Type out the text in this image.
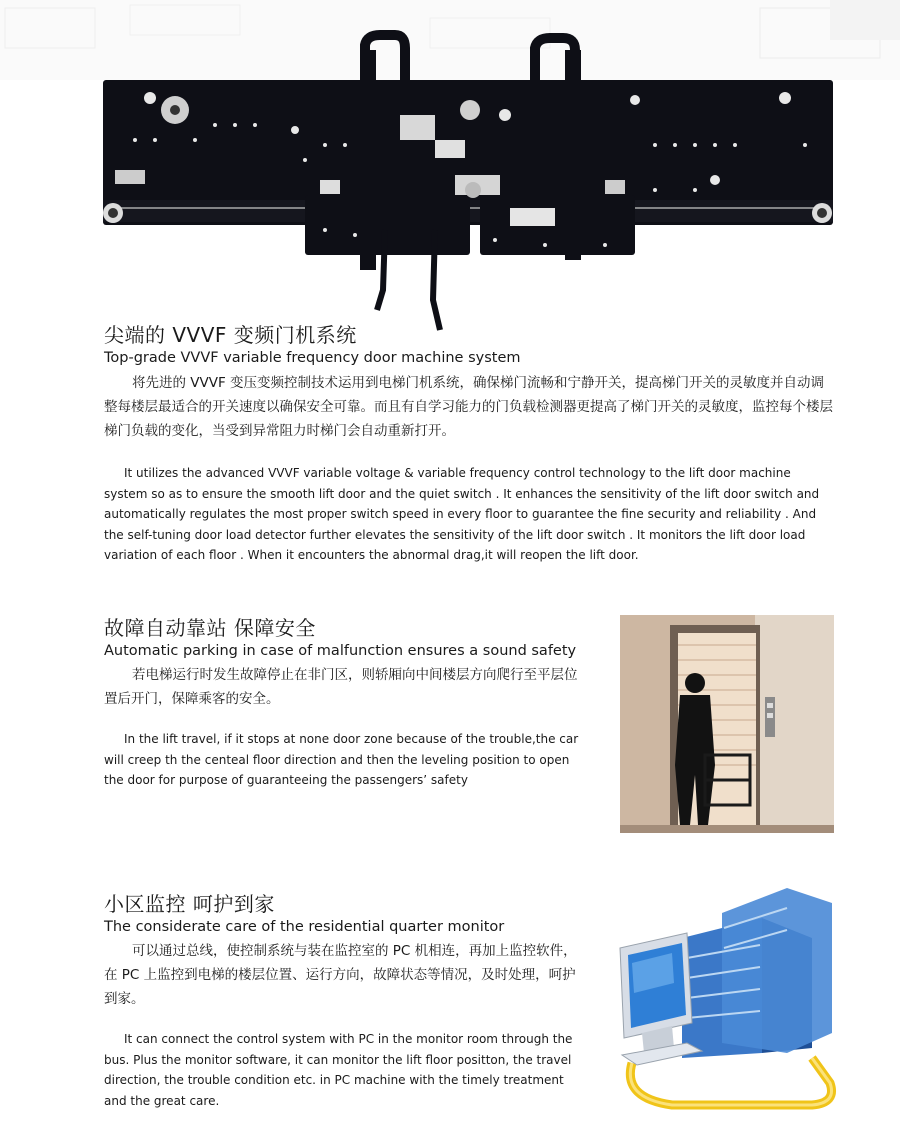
尖端的 VVVF 变频门机系统
Top-grade VVVF variable frequency door machine system
将先进的 VVVF 变压变频控制技术运用到电梯门机系统，确保梯门流畅和宁静开关，提高梯门开关的灵敏度并自动调整每楼层最适合的开关速度以确保安全可靠。而且有自学习能力的门负载检测器更提高了梯门开关的灵敏度，监控每个楼层梯门负载的变化，当受到异常阻力时梯门会自动重新打开。
It utilizes the advanced VVVF variable voltage & variable frequency control technology to the lift door machine system so as to ensure the smooth lift door and the quiet switch . It enhances the sensitivity of the lift door switch and automatically regulates the most proper switch speed in every floor to guarantee the fine security and reliability . And the self-tuning door load detector further elevates the sensitivity of the lift door switch . It monitors the lift door load variation of each floor . When it encounters the abnormal drag,it will reopen the lift door.
故障自动靠站 保障安全
Automatic parking in case of malfunction ensures a sound safety
若电梯运行时发生故障停止在非门区，则轿厢向中间楼层方向爬行至平层位置后开门，保障乘客的安全。
In the lift travel, if it stops at none door zone because of the trouble,the car will creep th the centeal floor direction and then the leveling position to open the door for purpose of guaranteeing the passengers’ safety
小区监控 呵护到家
The considerate care of the residential quarter monitor
可以通过总线，使控制系统与装在监控室的 PC 机相连，再加上监控软件，在 PC 上监控到电梯的楼层位置、运行方向，故障状态等情况，及时处理，呵护到家。
It can connect the control system with PC in the monitor room through the bus. Plus the monitor software, it can monitor the lift floor positton, the travel direction, the trouble condition etc. in PC machine with the timely treatment and the great care.
